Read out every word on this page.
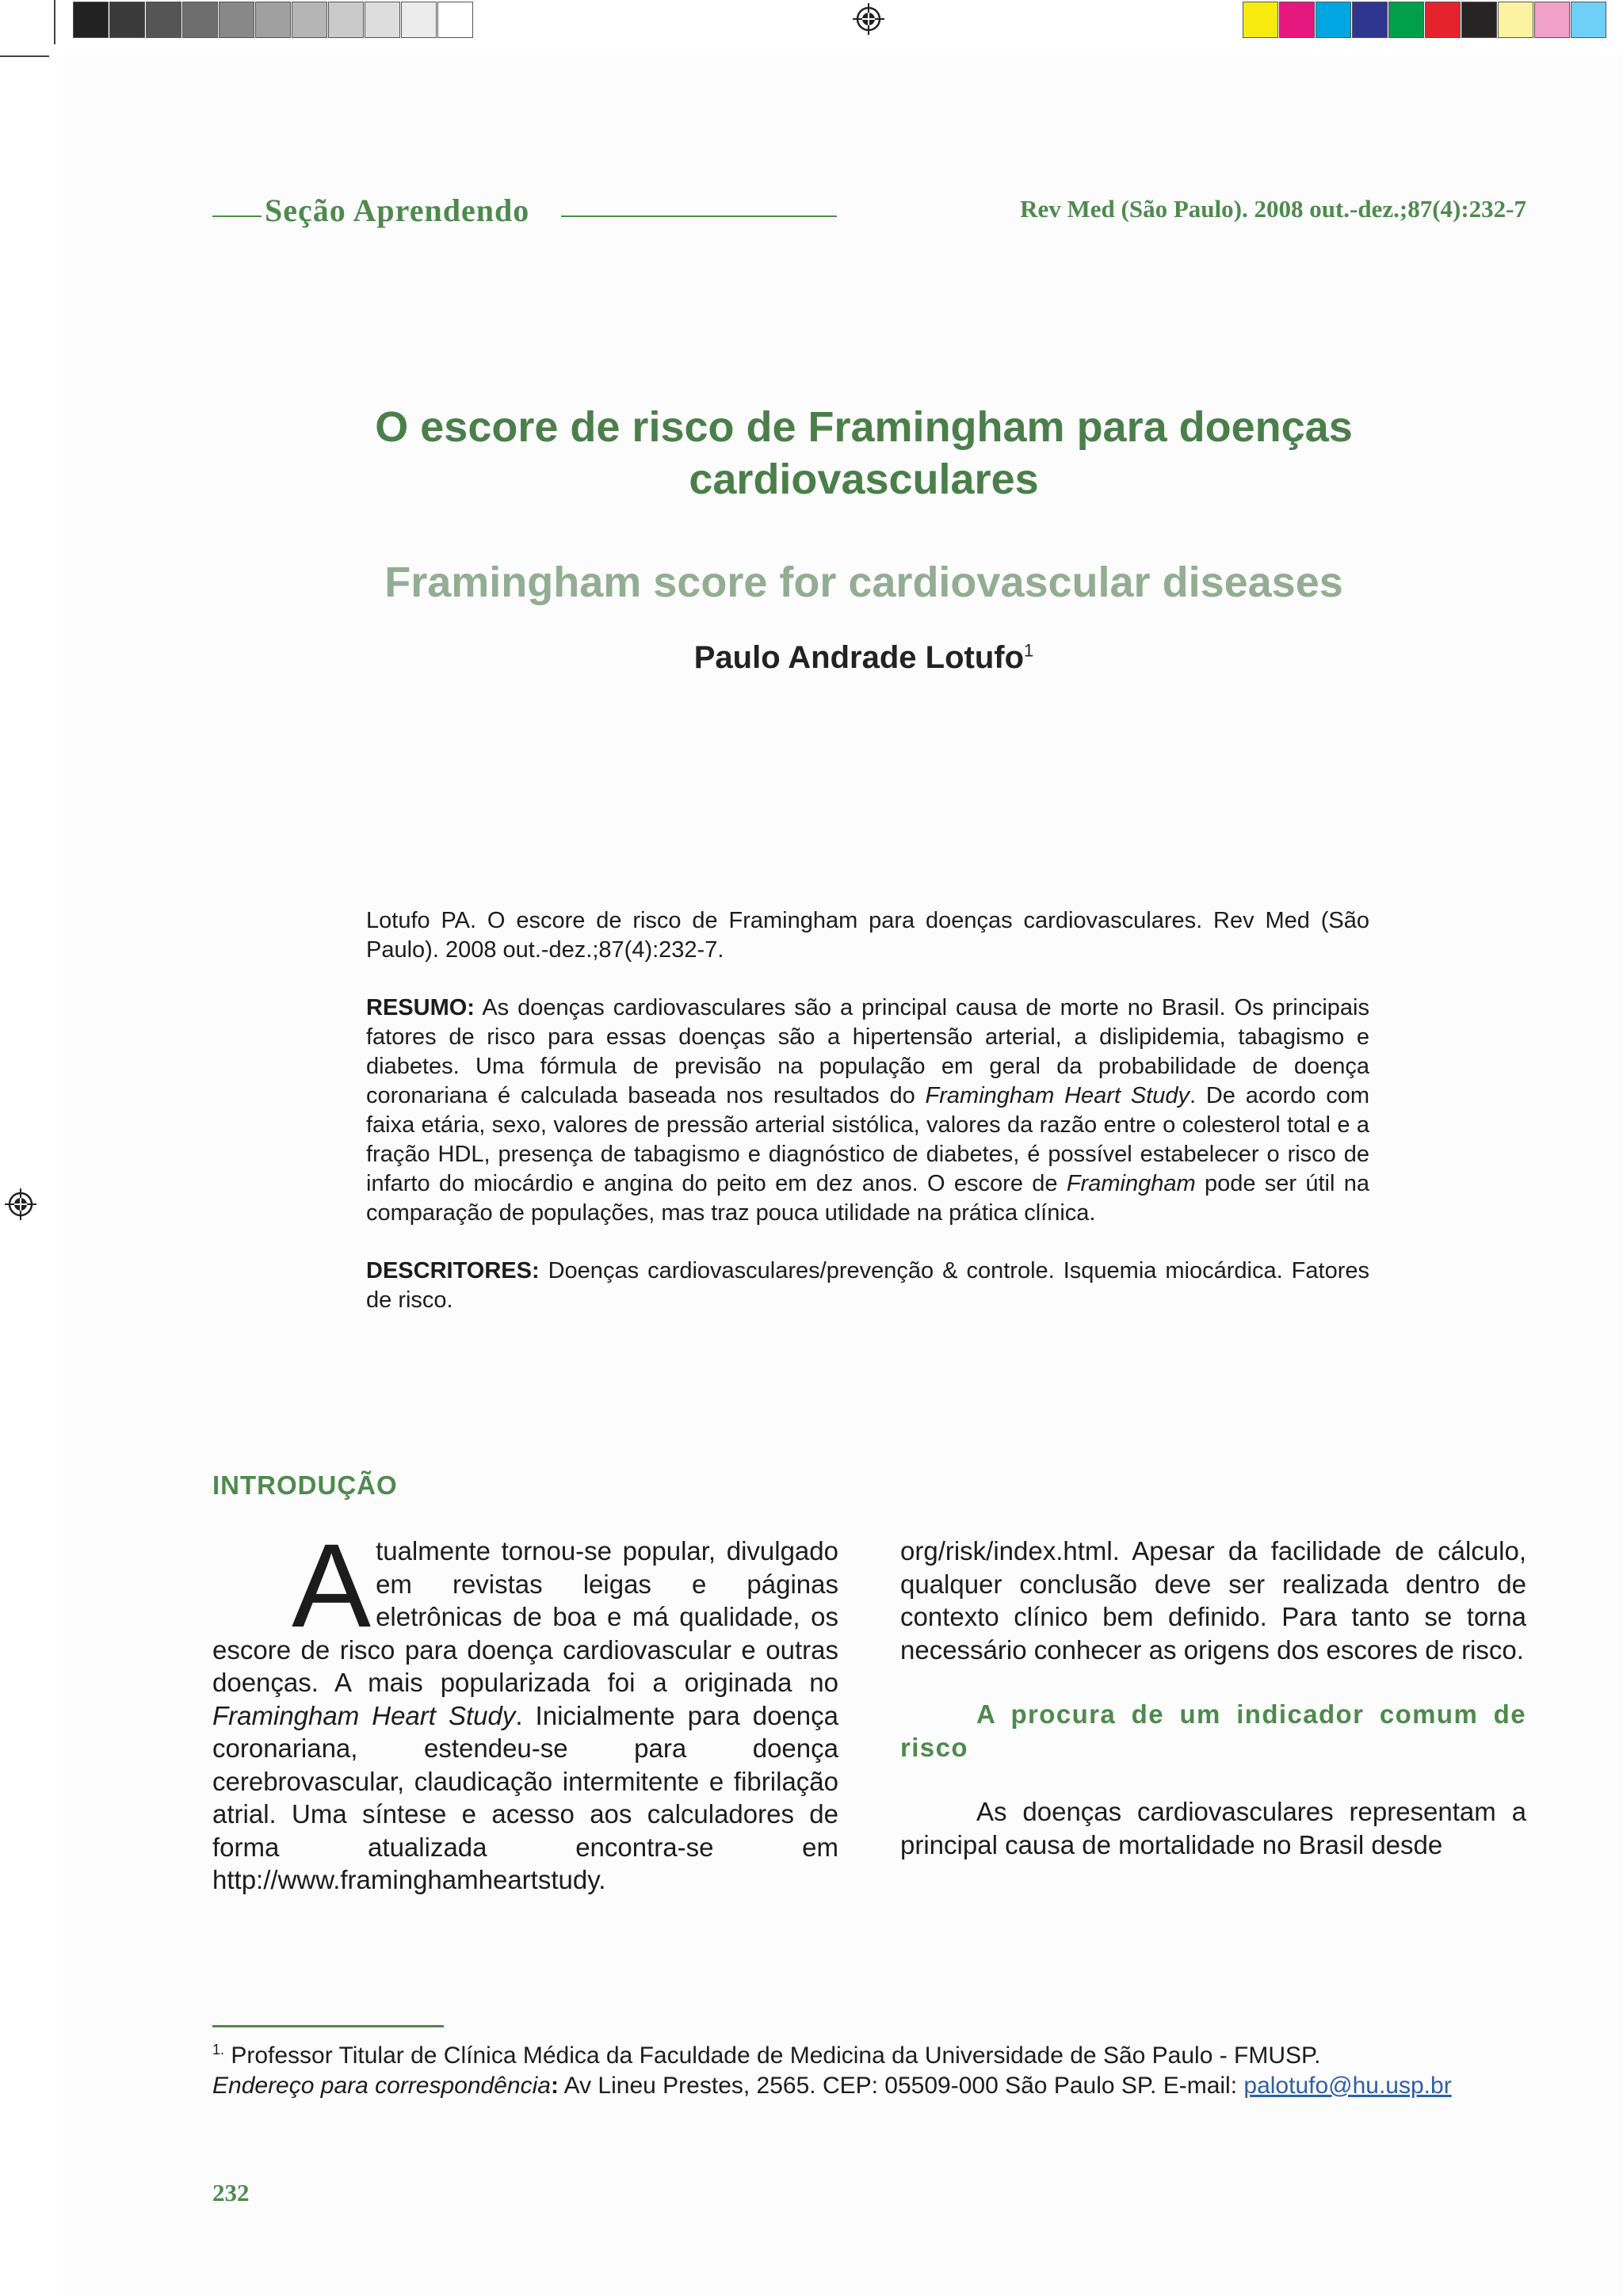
Seção Aprendendo	Rev Med (São Paulo). 2008 out.-dez.;87(4):232-7
O escore de risco de Framingham para doenças
cardiovasculares
Framingham score for cardiovascular diseases
Paulo Andrade Lotufo$^1$

Lotufo PA. O escore de risco de Framingham para doenças cardiovasculares. Rev Med (São Paulo). 2008 out.-dez.;87(4):232-7.

RESUMO: As doenças cardiovasculares são a principal causa de morte no Brasil. Os principais fatores de risco para essas doenças são a hipertensão arterial, a dislipidemia, tabagismo e diabetes. Uma fórmula de previsão na população em geral da probabilidade de doença coronariana é calculada baseada nos resultados do Framingham Heart Study. De acordo com faixa etária, sexo, valores de pressão arterial sistólica, valores da razão entre o colesterol total e a fração HDL, presença de tabagismo e diagnóstico de diabetes, é possível estabelecer o risco de infarto do miocárdio e angina do peito em dez anos. O escore de Framingham pode ser útil na comparação de populações, mas traz pouca utilidade na prática clínica.

DESCRITORES: Doenças cardiovasculares/prevenção & controle. Isquemia miocárdica. Fatores de risco.

INTRODUÇÃO

Atualmente tornou-se popular, divulgado em revistas leigas e páginas eletrônicas de boa e má qualidade, os escore de risco para doença cardiovascular e outras doenças. A mais popularizada foi a originada no Framingham Heart Study. Inicialmente para doença coronariana, estendeu-se para doença cerebrovascular, claudicação intermitente e fibrilação atrial. Uma síntese e acesso aos calculadores de forma atualizada encontra-se em http://www.framinghamheartstudy.

org/risk/index.html. Apesar da facilidade de cálculo, qualquer conclusão deve ser realizada dentro de contexto clínico bem definido. Para tanto se torna necessário conhecer as origens dos escores de risco.

A procura de um indicador comum de risco

As doenças cardiovasculares representam a principal causa de mortalidade no Brasil desde

$^{1.}$ Professor Titular de Clínica Médica da Faculdade de Medicina da Universidade de São Paulo - FMUSP.
Endereço para correspondência: Av Lineu Prestes, 2565. CEP: 05509-000 São Paulo SP. E-mail: palotufo@hu.usp.br
232
